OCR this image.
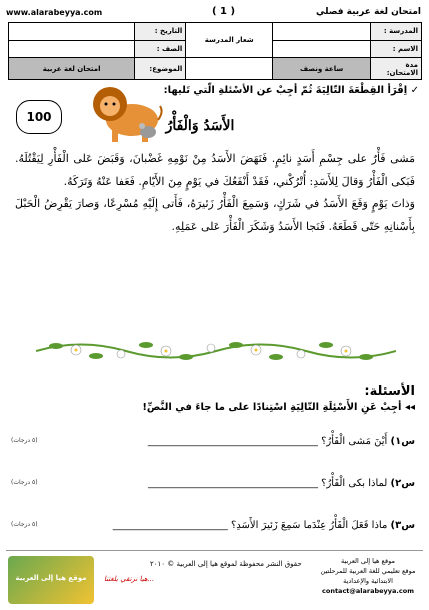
www.alarabeyya.com	( 1 )	امتحان لغة عربية فصلي
المدرسة :		شعار المدرسة	التاريخ :	
الاسم :			الصف :	
مدة الامتحان:	ساعة ونصف		الموضوع:	امتحان لغة عربية
✓ اِقْرَأ القِطْعَةَ التّالِيَةَ ثُمّ أجِبْ عن الأسْئلةِ الّتي تَليها:
100
الأَسَدُ وَالْفَأْرُ

مَشى فَأْرٌ على جِسْمِ أَسَدٍ نائِمٍ. فَنَهَضَ الأَسَدُ مِنْ نَوْمِهِ غَضْبانَ، وَقَبَضَ عَلى الْفَأْرِ لِيَقْتُلَهُ. فَبَكى الْفَأْرُ وَقالَ لِلأَسَدِ: أُتْرُكْني، فَقَدْ أَنْفَعُكَ في يَوْمٍ مِنَ الأَيّامِ. فَعَفا عَنْهُ وَتَرَكَهُ.

وَذاتَ يَوْمٍ وَقَعَ الأَسَدُ في شَرَكٍ، وَسَمِعَ الْفَأْرُ زَئيرَهُ، فَأَتى إِلَيْهِ مُسْرِعًا، وَصارَ يَقْرِضُ الْحَبْلَ بِأَسْنانِهِ حَتّى قَطَعَهُ. فَنَجا الأَسَدُ وَشَكَرَ الْفَأْرَ عَلى عَمَلِهِ.

الأسئلة:
◂◂ أجِبْ عَنِ الأَسْئِلَةِ التّالِيَةِ اسْتِنادًا على ما جاءَ في النَّصِّ!
س١) أَيْنَ مَشى الْفَأْرُ؟ __________________________________
(٥ درجات)
س٢) لماذا بكى الْفَأْرُ؟ __________________________________
(٥ درجات)
س٣) ماذا فَعَلَ الْفَأْرُ عِنْدَما سَمِعَ زَئيرَ الأَسَدِ؟ _______________________
(٥ درجات)
موقع هيا إلى العربية	هيا نرتقي بلغتنا...
حقوق النشر محفوظة لموقع هيا إلى العربية © ٢٠١٠	موقع هيا إلى العربية
موقع تعليمي للغة العربية للمرحلتين
الابتدائية والإعدادية
contact@alarabeyya.com
